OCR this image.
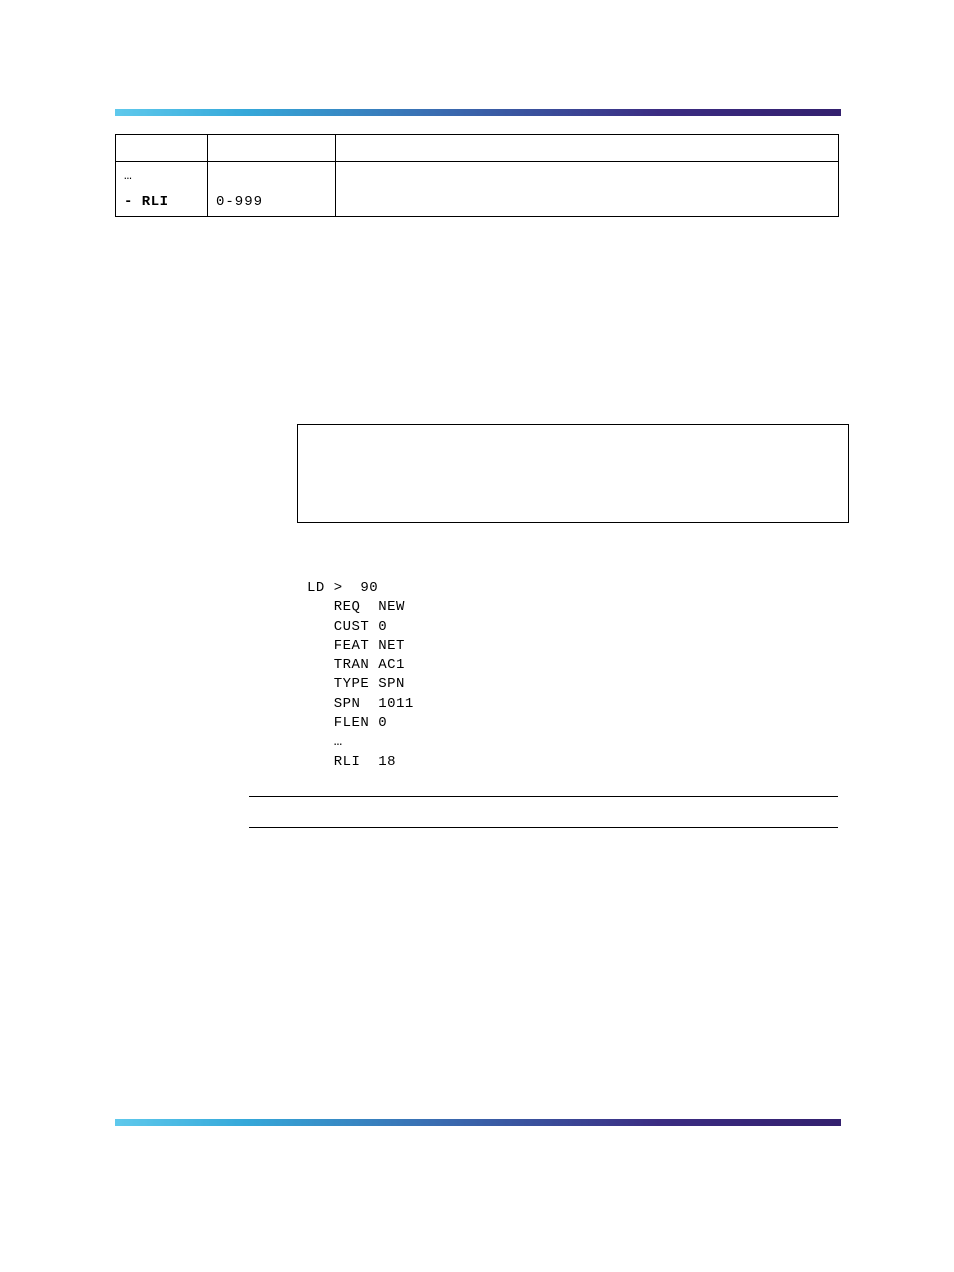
…
- RLI	0-999	

LD >  90
REQ  NEW
CUST 0
FEAT NET
TRAN AC1
TYPE SPN
SPN  1011
FLEN 0
…
RLI  18
